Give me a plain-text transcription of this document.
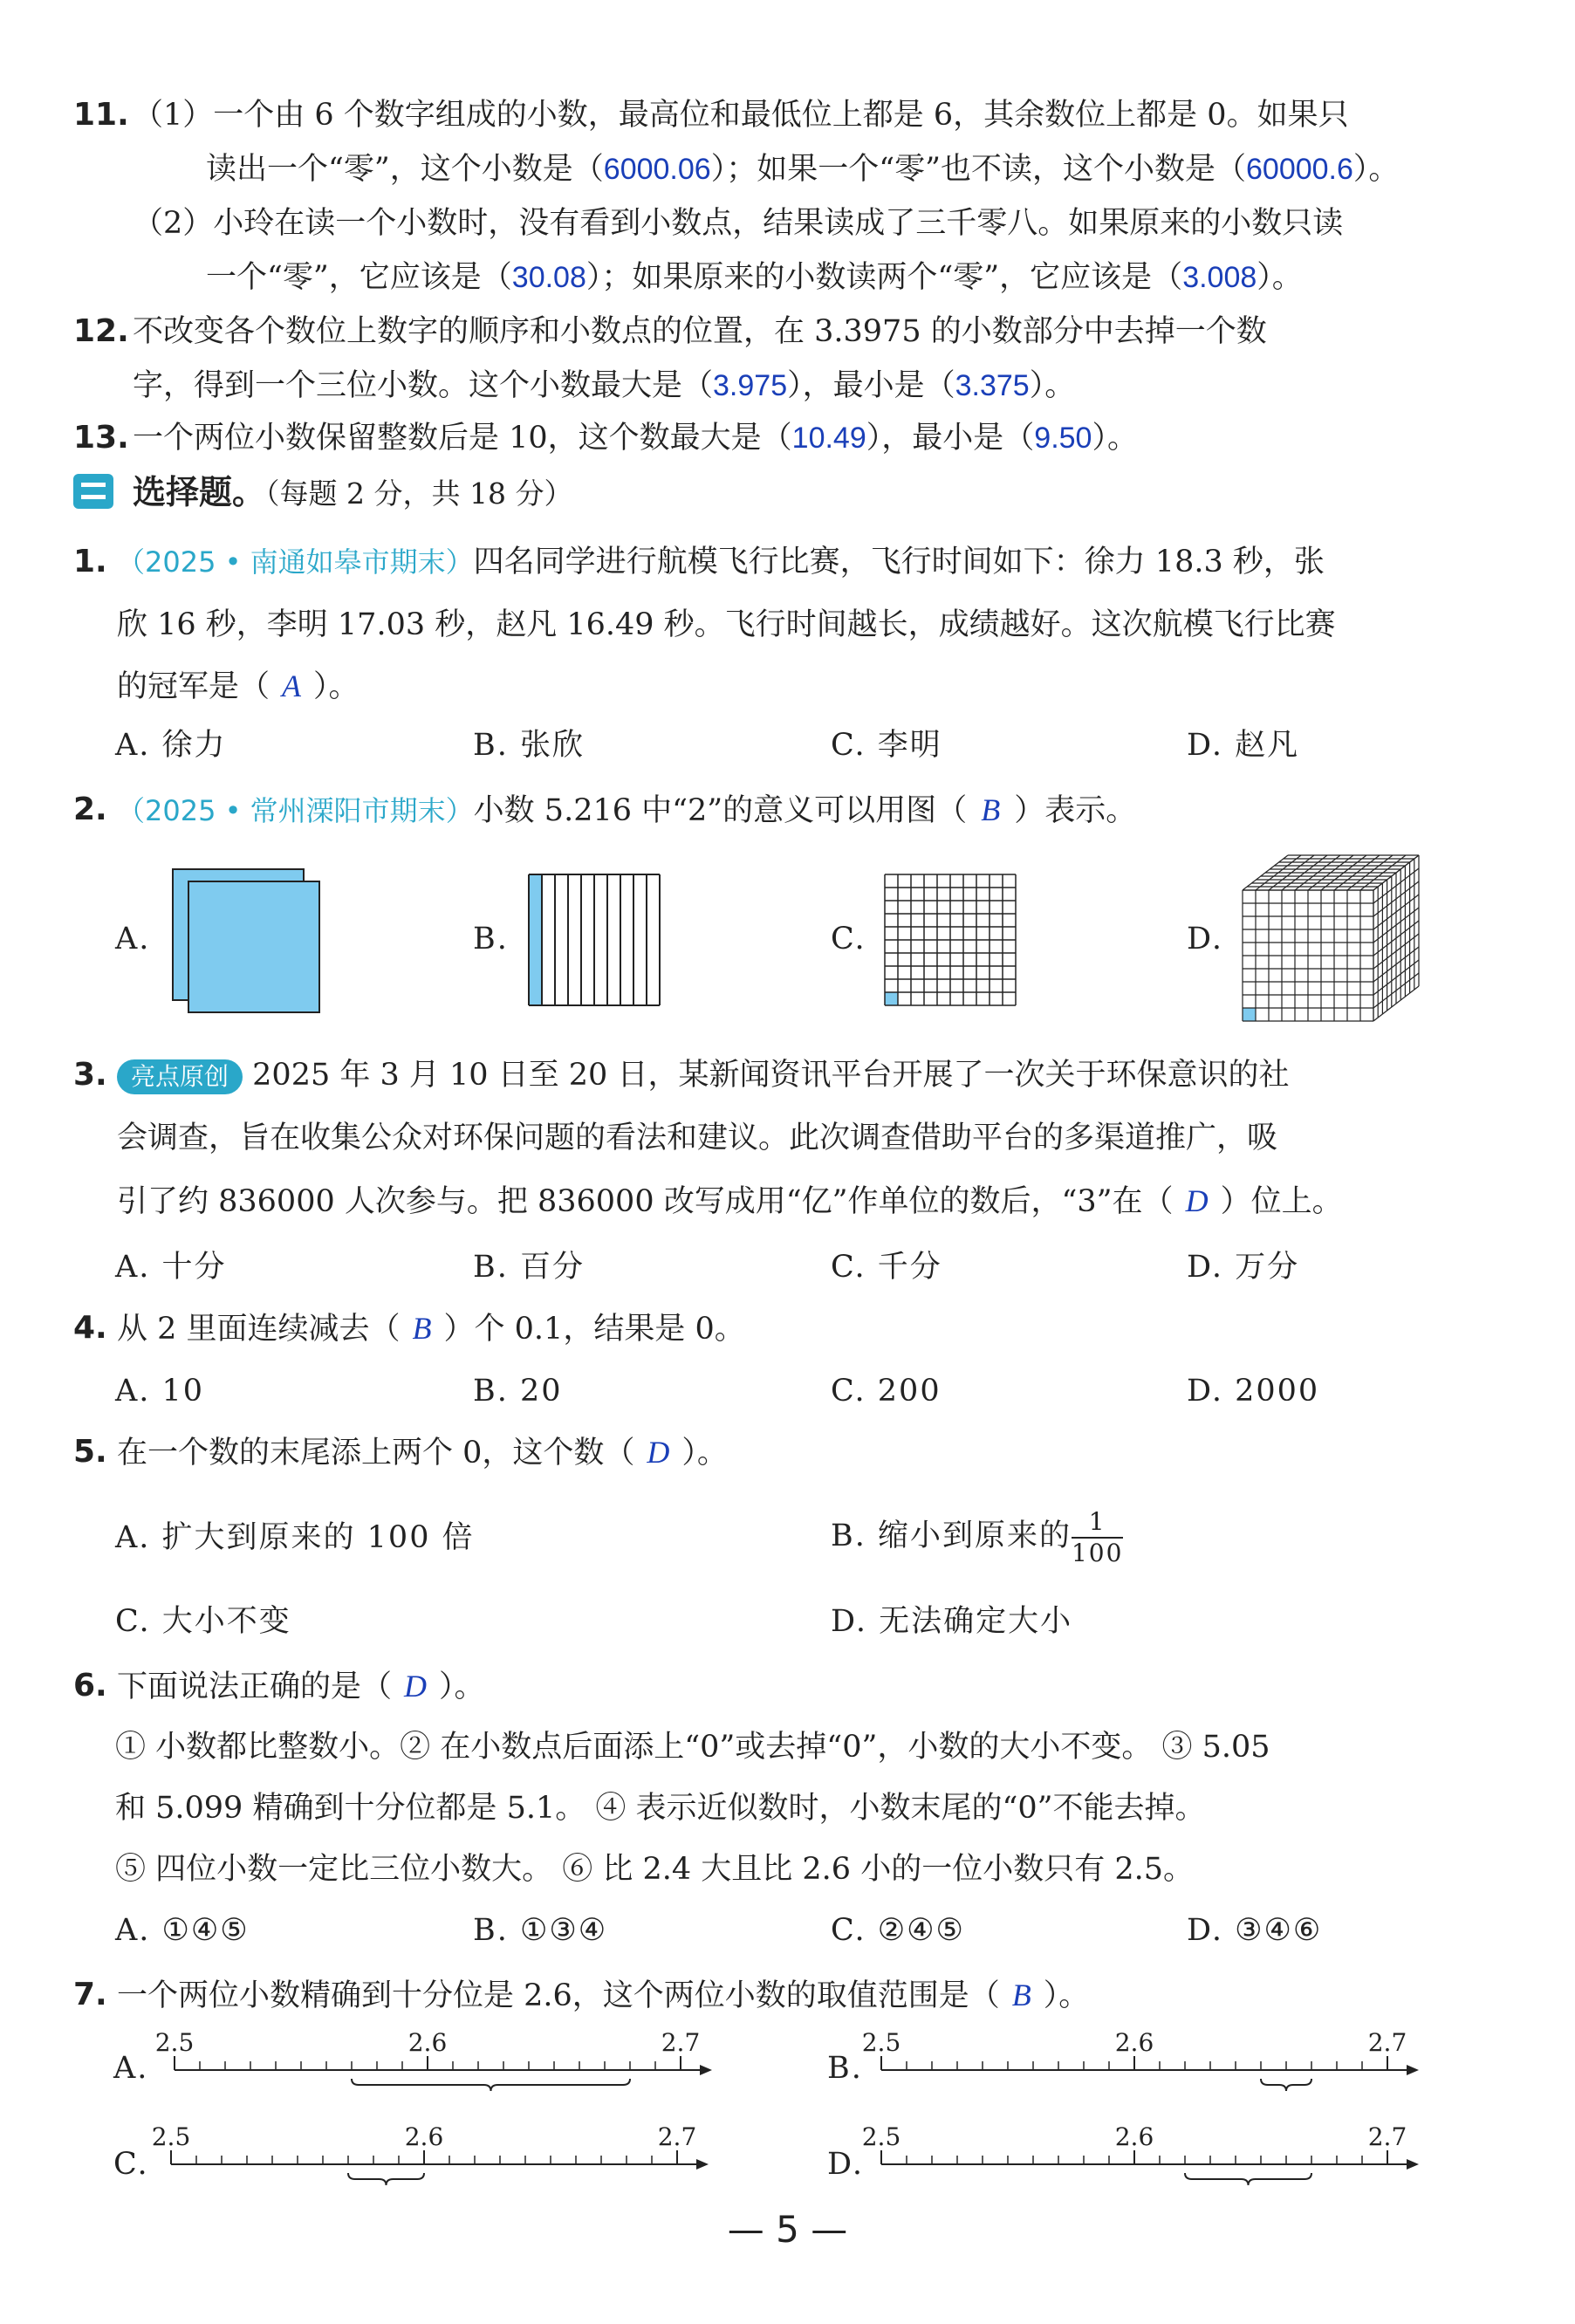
11. （1）一个由 6 个数字组成的小数，最高位和最低位上都是 6，其余数位上都是 0。如果只
读出一个“零”，这个小数是（6000.06）；如果一个“零”也不读，这个小数是（60000.6）。
（2）小玲在读一个小数时，没有看到小数点，结果读成了三千零八。如果原来的小数只读
一个“零”，它应该是（30.08）；如果原来的小数读两个“零”，它应该是（3.008）。
12. 不改变各个数位上数字的顺序和小数点的位置，在 3.3975 的小数部分中去掉一个数
字，得到一个三位小数。这个小数最大是（3.975），最小是（3.375）。
13. 一个两位小数保留整数后是 10，这个数最大是（10.49），最小是（9.50）。
选择题。（每题 2 分，共 18 分）
1. （2025 • 南通如皋市期末）四名同学进行航模飞行比赛，飞行时间如下：徐力 18.3 秒，张
欣 16 秒，李明 17.03 秒，赵凡 16.49 秒。飞行时间越长，成绩越好。这次航模飞行比赛
的冠军是（ A ）。
A. 徐力	B. 张欣	C. 李明	D. 赵凡
2. （2025 • 常州溧阳市期末）小数 5.216 中“2”的意义可以用图（ B ）表示。
A.	B.	C.	D.
3. 亮点原创 2025 年 3 月 10 日至 20 日，某新闻资讯平台开展了一次关于环保意识的社
会调查，旨在收集公众对环保问题的看法和建议。此次调查借助平台的多渠道推广，吸
引了约 836000 人次参与。把 836000 改写成用“亿”作单位的数后，“3”在（ D ）位上。
A. 十分	B. 百分	C. 千分	D. 万分
4. 从 2 里面连续减去（ B ）个 0.1，结果是 0。
A. 10	B. 20	C. 200	D. 2000
5. 在一个数的末尾添上两个 0，这个数（ D ）。
A. 扩大到原来的 100 倍	B. 缩小到原来的 $\frac{1}{100}$
C. 大小不变	D. 无法确定大小
6. 下面说法正确的是（ D ）。
① 小数都比整数小。② 在小数点后面添上“0”或去掉“0”，小数的大小不变。 ③ 5.05
和 5.099 精确到十分位都是 5.1。 ④ 表示近似数时，小数末尾的“0”不能去掉。
⑤ 四位小数一定比三位小数大。 ⑥ 比 2.4 大且比 2.6 小的一位小数只有 2.5。
A. ①④⑤	B. ①③④	C. ②④⑤	D. ③④⑥
7. 一个两位小数精确到十分位是 2.6，这个两位小数的取值范围是（ B ）。
A.	B.
C.	D.
2.5	2.6	2.7	2.5	2.6	2.7
2.5	2.6	2.7	2.5	2.6	2.7
— 5 —
